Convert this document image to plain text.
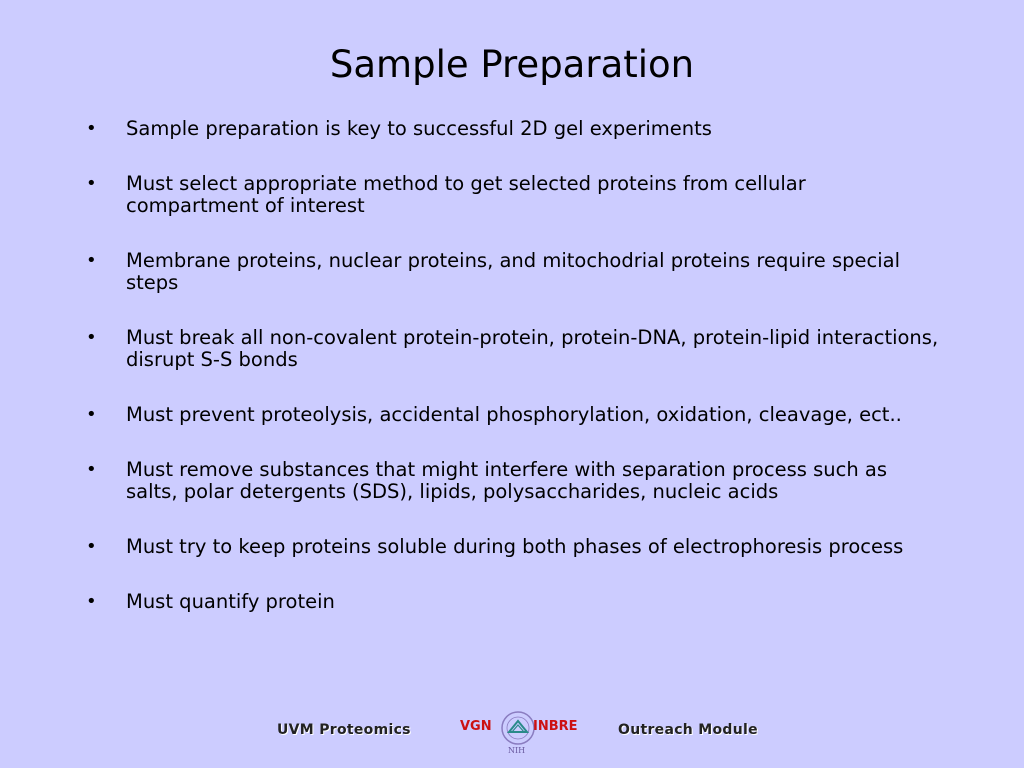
Sample Preparation
• Sample preparation is key to successful 2D gel experiments
• Must select appropriate method to get selected proteins from cellular compartment of interest
• Membrane proteins, nuclear proteins, and mitochodrial proteins require special steps
• Must break all non-covalent protein-protein, protein-DNA, protein-lipid interactions, disrupt S-S bonds
• Must prevent proteolysis, accidental phosphorylation, oxidation, cleavage, ect..
• Must remove substances that might interfere with separation process such as salts, polar detergents (SDS), lipids, polysaccharides, nucleic acids
• Must try to keep proteins soluble during both phases of electrophoresis process
• Must quantify protein
UVM Proteomics	VGN	INBRE
NIH
Outreach Module
